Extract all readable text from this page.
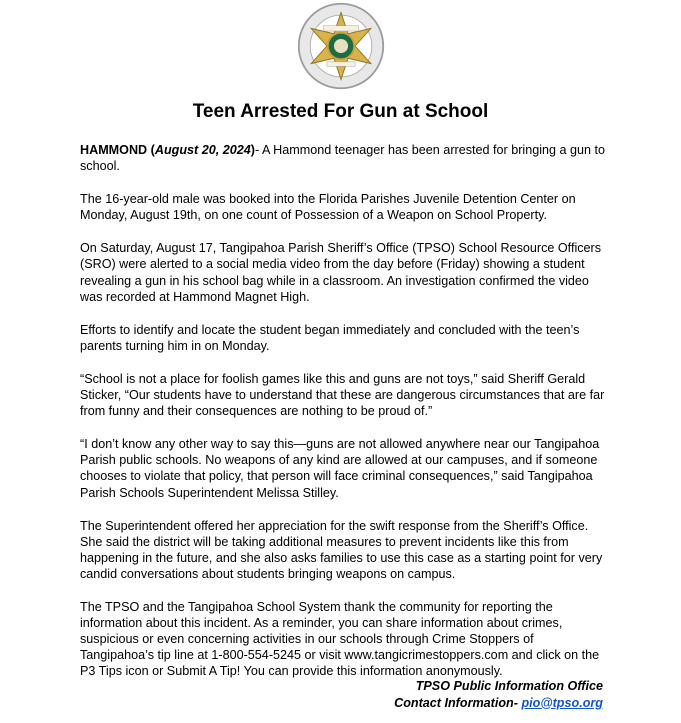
Teen Arrested For Gun at School

HAMMOND (August 20, 2024)- A Hammond teenager has been arrested for bringing a gun to school.

The 16-year-old male was booked into the Florida Parishes Juvenile Detention Center on Monday, August 19th, on one count of Possession of a Weapon on School Property.

On Saturday, August 17, Tangipahoa Parish Sheriff’s Office (TPSO) School Resource Officers (SRO) were alerted to a social media video from the day before (Friday) showing a student revealing a gun in his school bag while in a classroom. An investigation confirmed the video was recorded at Hammond Magnet High.

Efforts to identify and locate the student began immediately and concluded with the teen’s parents turning him in on Monday.

“School is not a place for foolish games like this and guns are not toys,” said Sheriff Gerald Sticker, “Our students have to understand that these are dangerous circumstances that are far from funny and their consequences are nothing to be proud of.”

“I don’t know any other way to say this—guns are not allowed anywhere near our Tangipahoa Parish public schools. No weapons of any kind are allowed at our campuses, and if someone chooses to violate that policy, that person will face criminal consequences,” said Tangipahoa Parish Schools Superintendent Melissa Stilley.

The Superintendent offered her appreciation for the swift response from the Sheriff’s Office. She said the district will be taking additional measures to prevent incidents like this from happening in the future, and she also asks families to use this case as a starting point for very candid conversations about students bringing weapons on campus.

The TPSO and the Tangipahoa School System thank the community for reporting the information about this incident. As a reminder, you can share information about crimes, suspicious or even concerning activities in our schools through Crime Stoppers of Tangipahoa’s tip line at 1-800-554-5245 or visit www.tangicrimestoppers.com and click on the P3 Tips icon or Submit A Tip! You can provide this information anonymously.

TPSO Public Information Office
Contact Information- pio@tpso.org
